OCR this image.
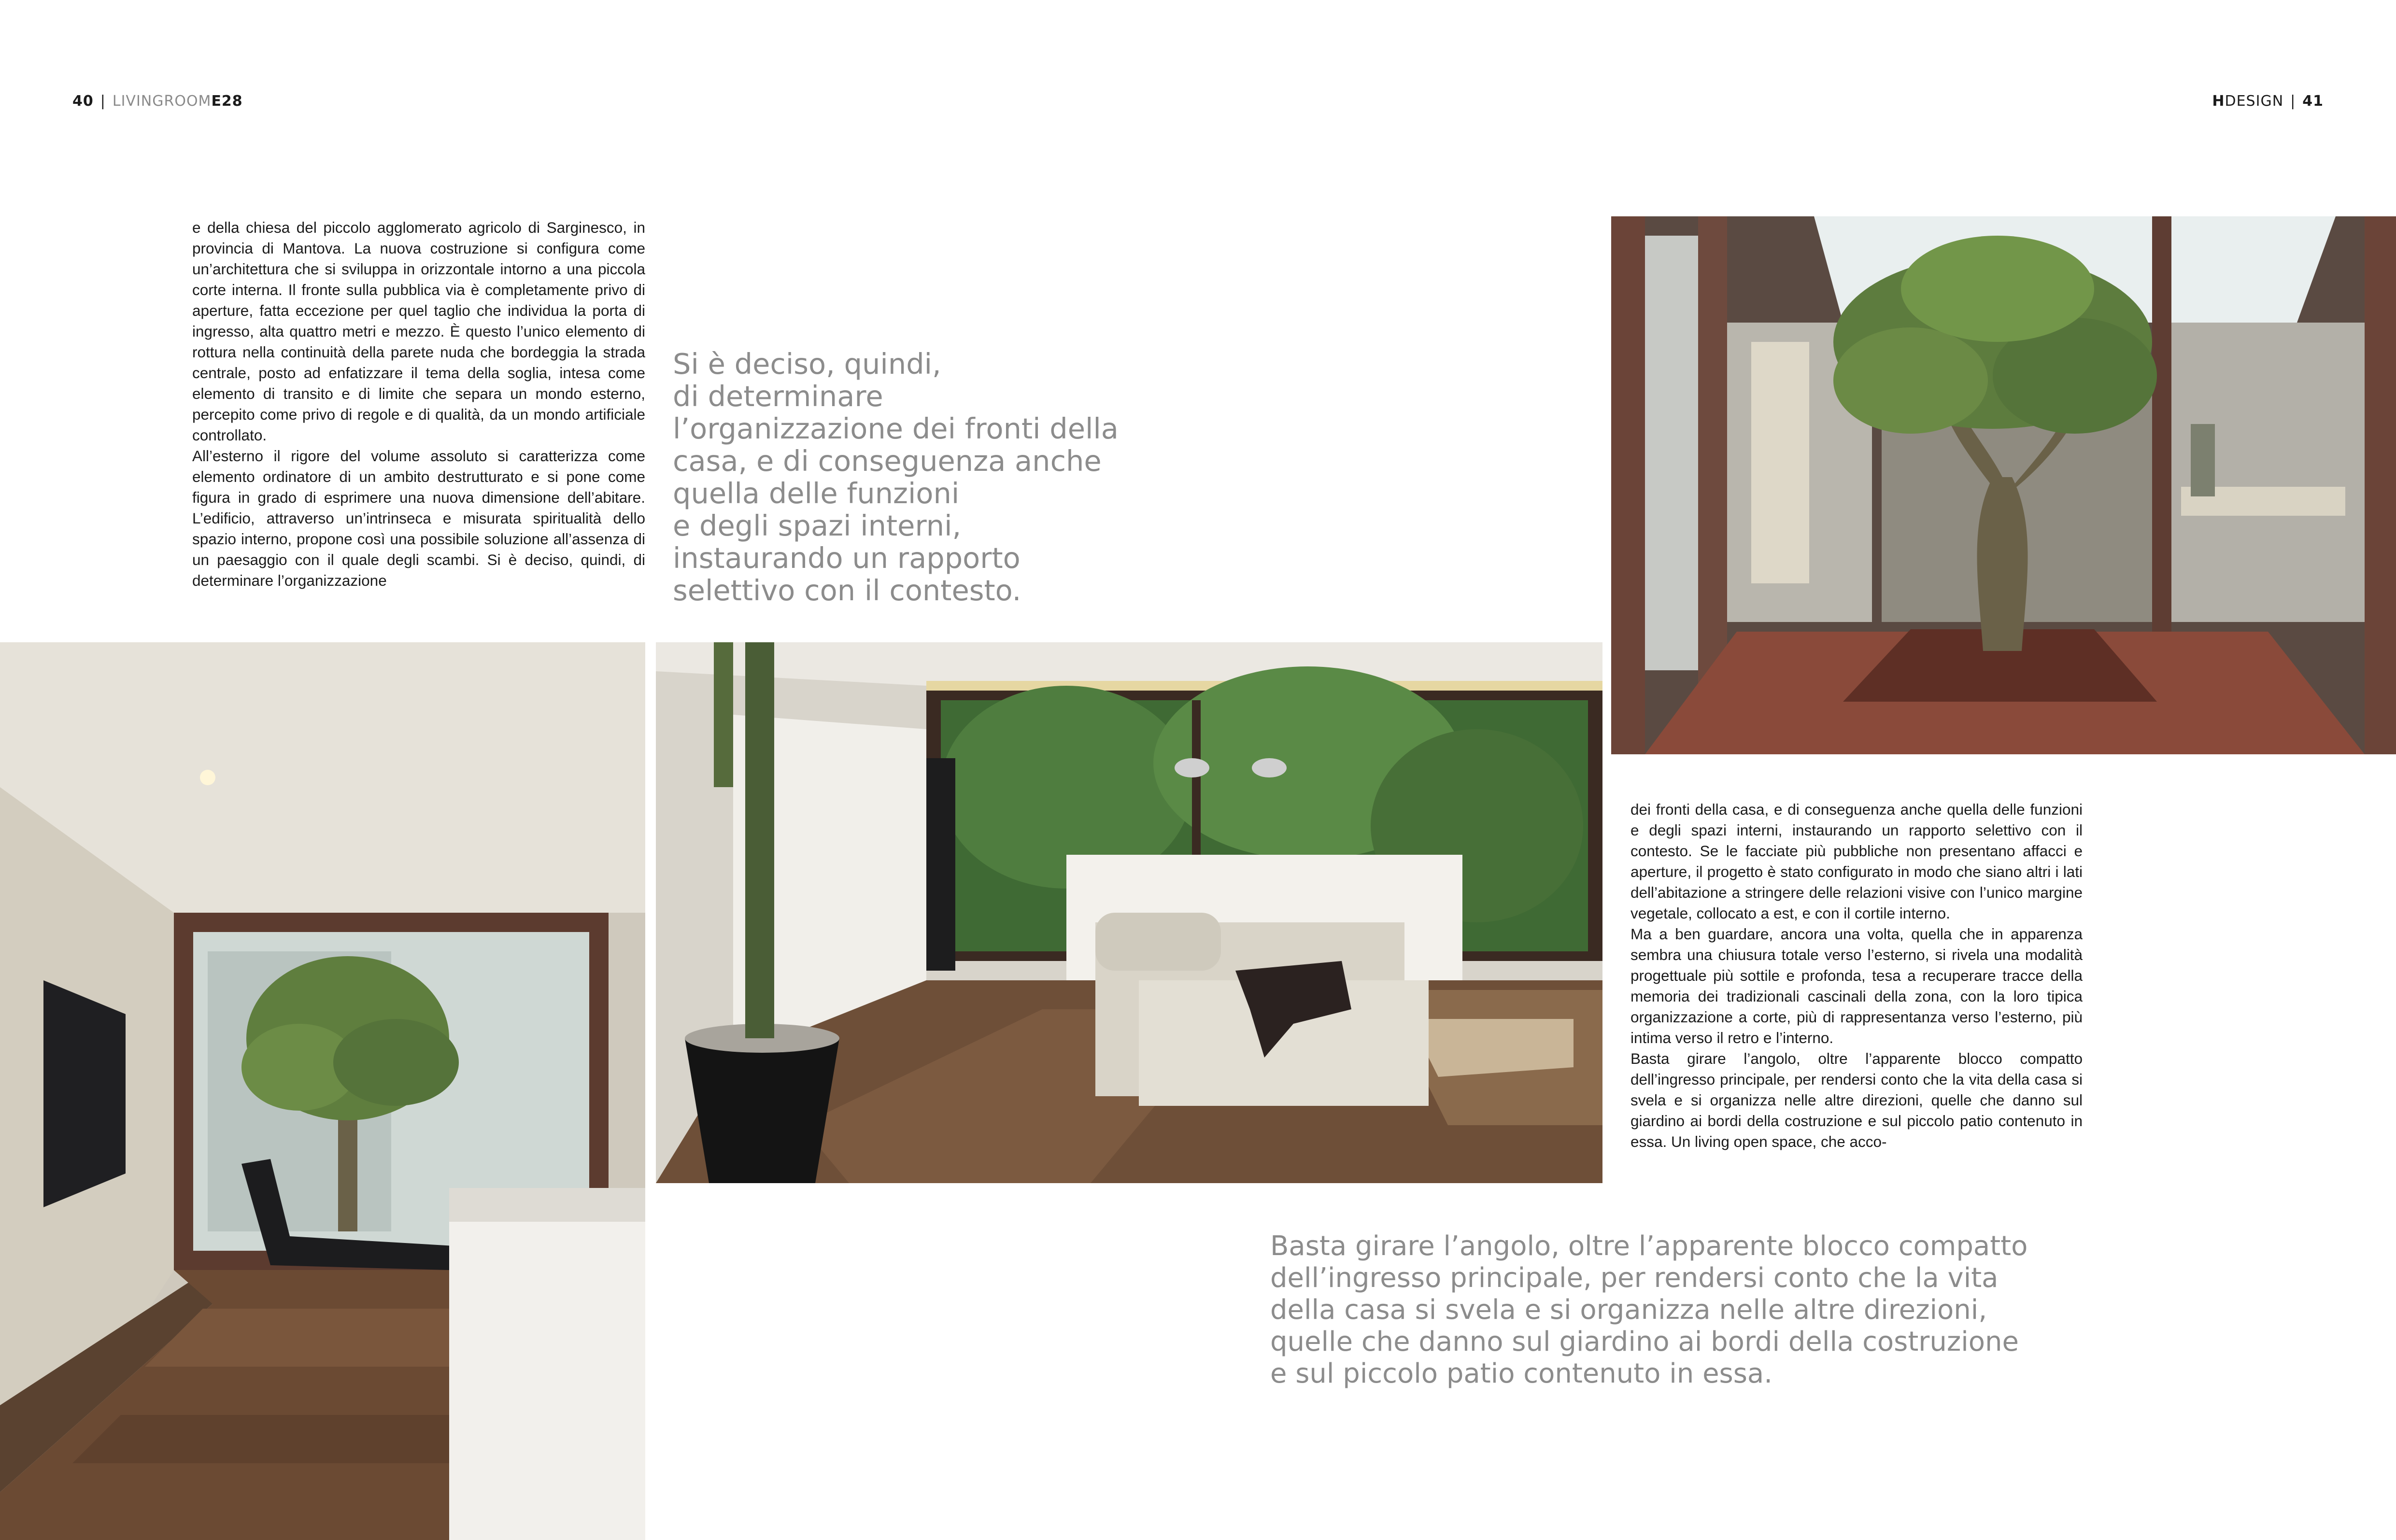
40 | LIVINGROOME28	HDESIGN | 41

e della chiesa del piccolo agglomerato agricolo di Sarginesco, in provincia di Mantova. La nuova costruzione si configura come un’architettura che si sviluppa in orizzontale intorno a una piccola corte interna. Il fronte sulla pubblica via è completamente privo di aperture, fatta eccezione per quel taglio che individua la porta di ingresso, alta quattro metri e mezzo. È questo l’unico elemento di rottura nella continuità della parete nuda che bordeggia la strada centrale, posto ad enfatizzare il tema della soglia, intesa come elemento di transito e di limite che separa un mondo esterno, percepito come privo di regole e di qualità, da un mondo artificiale controllato.

All’esterno il rigore del volume assoluto si caratterizza come elemento ordinatore di un ambito destrutturato e si pone come figura in grado di esprimere una nuova dimensione dell’abitare. L’edificio, attraverso un’intrinseca e misurata spiritualità dello spazio interno, propone così una possibile soluzione all’assenza di un paesaggio con il quale degli scambi. Si è deciso, quindi, di determinare l’organizzazione

Si è deciso, quindi,
di determinare
l’organizzazione dei fronti della
casa, e di conseguenza anche
quella delle funzioni
e degli spazi interni,
instaurando un rapporto
selettivo con il contesto.

dei fronti della casa, e di conseguenza anche quella delle funzioni e degli spazi interni, instaurando un rapporto selettivo con il contesto. Se le facciate più pubbliche non presentano affacci e aperture, il progetto è stato configurato in modo che siano altri i lati dell’abitazione a stringere delle relazioni visive con l’unico margine vegetale, collocato a est, e con il cortile interno.

Ma a ben guardare, ancora una volta, quella che in apparenza sembra una chiusura totale verso l’esterno, si rivela una modalità progettuale più sottile e profonda, tesa a recuperare tracce della memoria dei tradizionali cascinali della zona, con la loro tipica organizzazione a corte, più di rappresentanza verso l’esterno, più intima verso il retro e l’interno.

Basta girare l’angolo, oltre l’apparente blocco compatto dell’ingresso principale, per rendersi conto che la vita della casa si svela e si organizza nelle altre direzioni, quelle che danno sul giardino ai bordi della costruzione e sul piccolo patio contenuto in essa. Un living open space, che acco-

Basta girare l’angolo, oltre l’apparente blocco compatto
dell’ingresso principale, per rendersi conto che la vita
della casa si svela e si organizza nelle altre direzioni,
quelle che danno sul giardino ai bordi della costruzione
e sul piccolo patio contenuto in essa.
